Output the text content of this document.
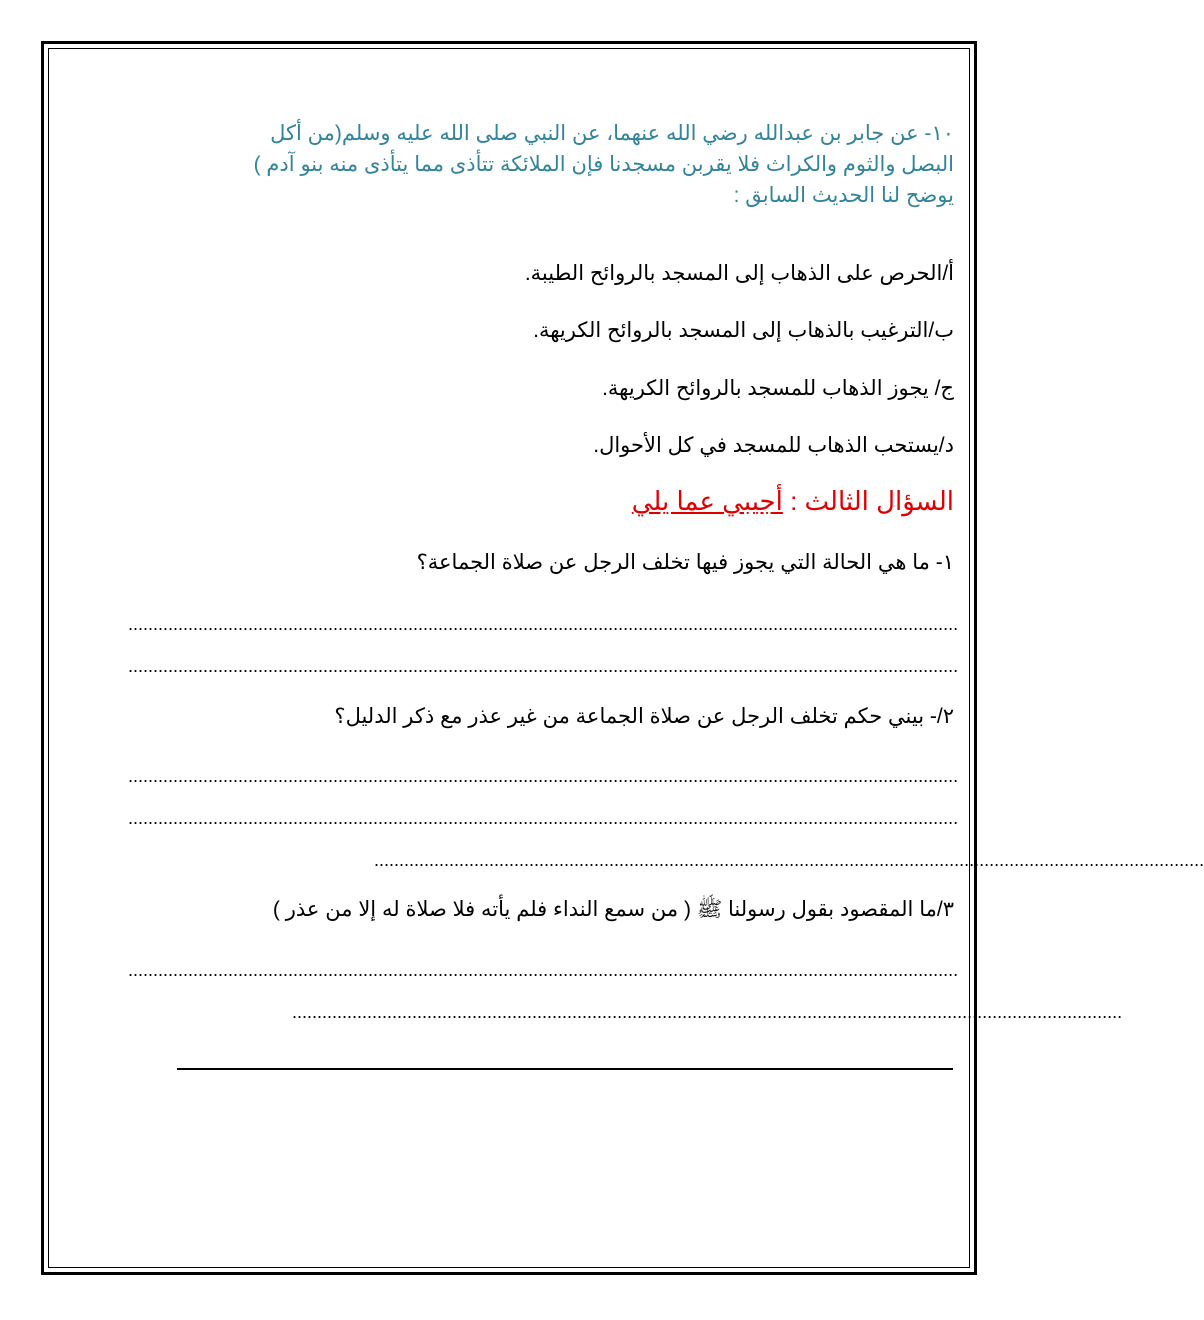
١٠- عن جابر بن عبدالله رضي الله عنهما، عن النبي صلى الله عليه وسلم(من أكل
البصل والثوم والكراث فلا يقربن مسجدنا فإن الملائكة تتأذى مما يتأذى منه بنو آدم )
يوضح لنا الحديث السابق :

أ/الحرص على الذهاب إلى المسجد بالروائح الطيبة.

ب/الترغيب بالذهاب إلى المسجد بالروائح الكريهة.

ج/ يجوز الذهاب للمسجد بالروائح الكريهة.

د/يستحب الذهاب للمسجد في كل الأحوال.

السؤال الثالث : أجيبي عما يلي
١- ما هي الحالة التي يجوز فيها تخلف الرجل عن صلاة الجماعة؟
......................................................................................................................................................................
......................................................................................................................................................................
٢/- بيني حكم تخلف الرجل عن صلاة الجماعة من غير عذر مع ذكر الدليل؟
......................................................................................................................................................................
......................................................................................................................................................................
......................................................................................................................................................................
٣/ما المقصود بقول رسولنا ﷺ ( من سمع النداء فلم يأته فلا صلاة له إلا من عذر )
......................................................................................................................................................................
......................................................................................................................................................................
